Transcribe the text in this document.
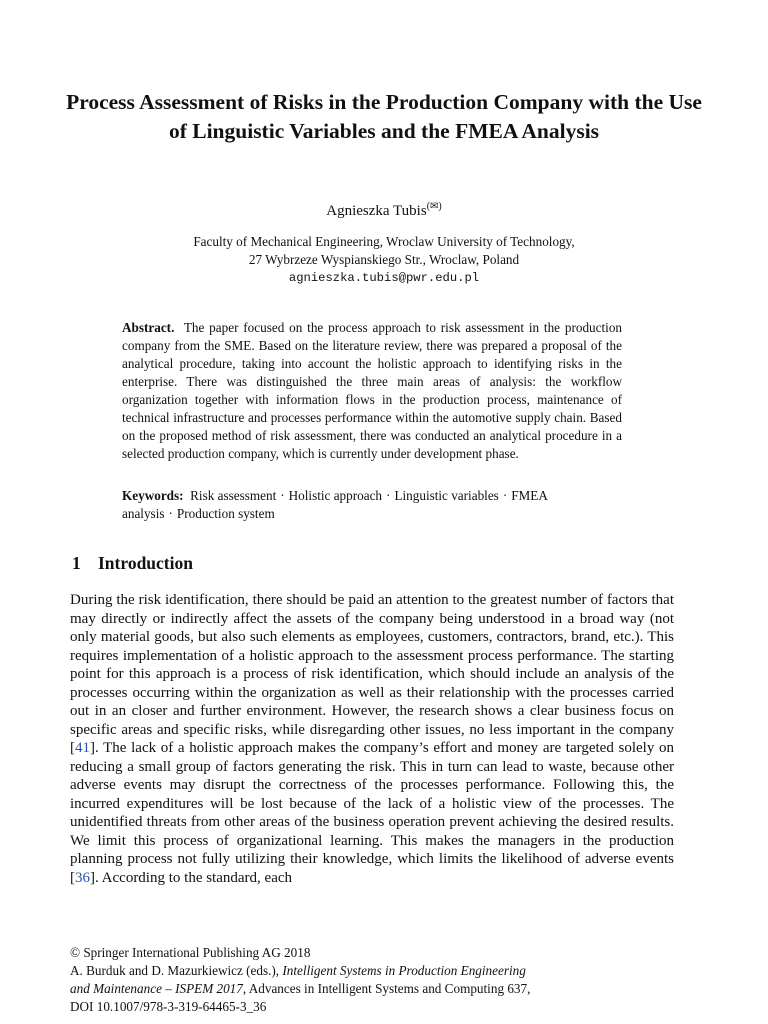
Process Assessment of Risks in the Production Company with the Use of Linguistic Variables and the FMEA Analysis
Agnieszka Tubis(✉)
Faculty of Mechanical Engineering, Wroclaw University of Technology,
27 Wybrzeze Wyspianskiego Str., Wroclaw, Poland
agnieszka.tubis@pwr.edu.pl
Abstract. The paper focused on the process approach to risk assessment in the production company from the SME. Based on the literature review, there was prepared a proposal of the analytical procedure, taking into account the holistic approach to identifying risks in the enterprise. There was distinguished the three main areas of analysis: the workflow organization together with information flows in the production process, maintenance of technical infrastructure and processes performance within the automotive supply chain. Based on the proposed method of risk assessment, there was conducted an analytical procedure in a selected production company, which is currently under development phase.
Keywords: Risk assessment · Holistic approach · Linguistic variables · FMEA analysis · Production system
1 Introduction
During the risk identification, there should be paid an attention to the greatest number of factors that may directly or indirectly affect the assets of the company being understood in a broad way (not only material goods, but also such elements as employees, customers, contractors, brand, etc.). This requires implementation of a holistic approach to the assessment process performance. The starting point for this approach is a process of risk identification, which should include an analysis of the processes occurring within the organization as well as their relationship with the processes carried out in an closer and further environment. However, the research shows a clear business focus on specific areas and specific risks, while disregarding other issues, no less important in the company [41]. The lack of a holistic approach makes the company’s effort and money are targeted solely on reducing a small group of factors generating the risk. This in turn can lead to waste, because other adverse events may disrupt the correctness of the processes performance. Following this, the incurred expenditures will be lost because of the lack of a holistic view of the processes. The unidentified threats from other areas of the business operation prevent achieving the desired results. We limit this process of organizational learning. This makes the managers in the production planning process not fully utilizing their knowledge, which limits the likelihood of adverse events [36]. According to the standard, each
© Springer International Publishing AG 2018
A. Burduk and D. Mazurkiewicz (eds.), Intelligent Systems in Production Engineering
and Maintenance – ISPEM 2017, Advances in Intelligent Systems and Computing 637,
DOI 10.1007/978-3-319-64465-3_36
